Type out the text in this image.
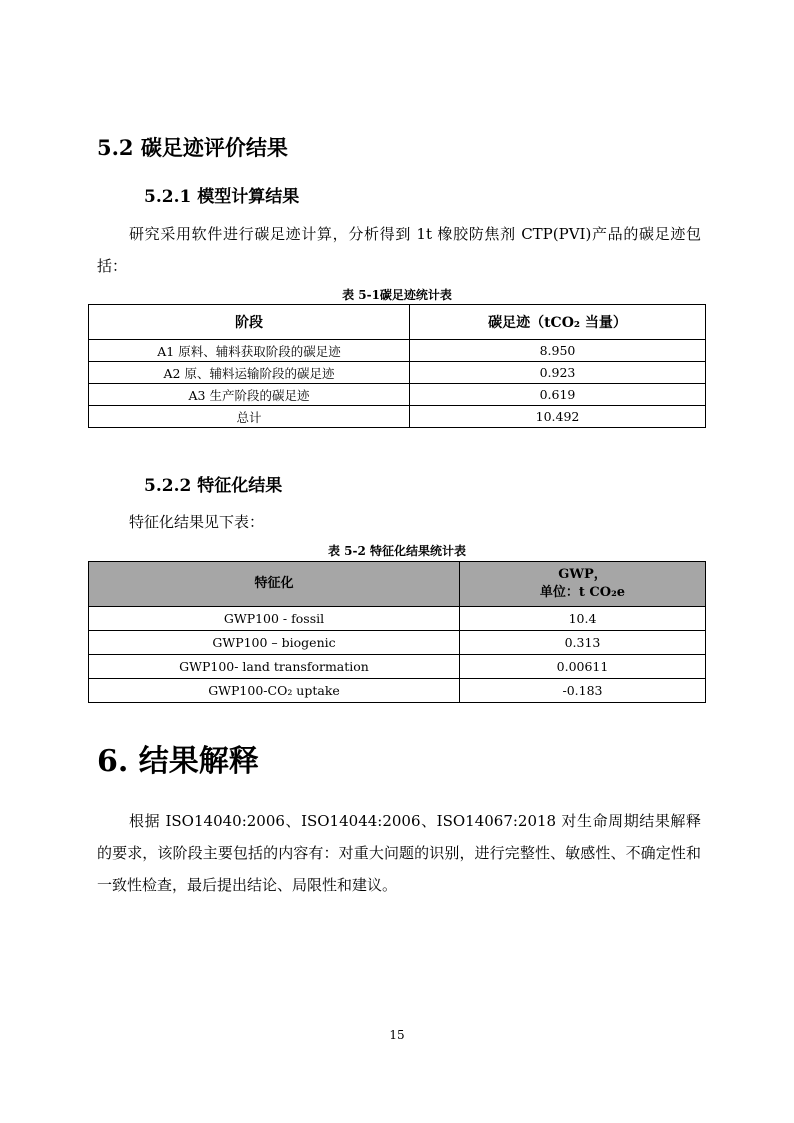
5.2 碳足迹评价结果
5.2.1 模型计算结果
研究采用软件进行碳足迹计算，分析得到 1t 橡胶防焦剂 CTP(PVI)产品的碳足迹包括：
表 5-1碳足迹统计表
阶段	碳足迹（tCO₂ 当量）
A1 原料、辅料获取阶段的碳足迹	8.950
A2 原、辅料运输阶段的碳足迹	0.923
A3 生产阶段的碳足迹	0.619
总计	10.492
5.2.2 特征化结果
特征化结果见下表：
表 5-2 特征化结果统计表
特征化	GWP，
单位：t CO₂e

GWP100 - fossil	10.4
GWP100 – biogenic	0.313
GWP100- land transformation	0.00611
GWP100-CO₂ uptake	-0.183
6. 结果解释
根据 ISO14040:2006、ISO14044:2006、ISO14067:2018 对生命周期结果解释的要求，该阶段主要包括的内容有：对重大问题的识别，进行完整性、敏感性、不确定性和一致性检查，最后提出结论、局限性和建议。
15
